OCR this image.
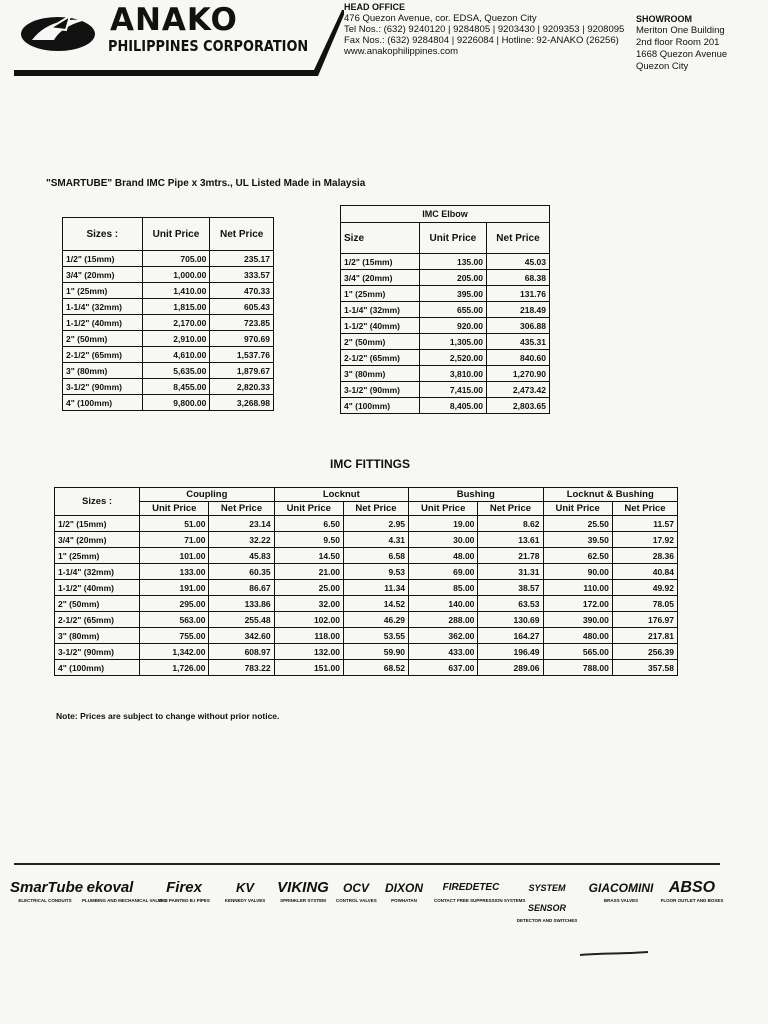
ANAKO
PHILIPPINES CORPORATION
HEAD OFFICE
476 Quezon Avenue, cor. EDSA, Quezon City
Tel Nos.: (632) 9240120 | 9284805 | 9203430 | 9209353 | 9208095
Fax Nos.: (632) 9284804 | 9226084 | Hotline: 92-ANAKO (26256)
www.anakophilippines.com
SHOWROOM
Meriton One Building
2nd floor Room 201
1668 Quezon Avenue
Quezon City
"SMARTUBE" Brand IMC Pipe x 3mtrs., UL Listed Made in Malaysia
Sizes :	Unit Price	Net Price
1/2" (15mm)	705.00	235.17
3/4" (20mm)	1,000.00	333.57
1" (25mm)	1,410.00	470.33
1-1/4" (32mm)	1,815.00	605.43
1-1/2" (40mm)	2,170.00	723.85
2" (50mm)	2,910.00	970.69
2-1/2" (65mm)	4,610.00	1,537.76
3" (80mm)	5,635.00	1,879.67
3-1/2" (90mm)	8,455.00	2,820.33
4" (100mm)	9,800.00	3,268.98
IMC Elbow		
Size	Unit Price	Net Price
1/2" (15mm)	135.00	45.03
3/4" (20mm)	205.00	68.38
1" (25mm)	395.00	131.76
1-1/4" (32mm)	655.00	218.49
1-1/2" (40mm)	920.00	306.88
2" (50mm)	1,305.00	435.31
2-1/2" (65mm)	2,520.00	840.60
3" (80mm)	3,810.00	1,270.90
3-1/2" (90mm)	7,415.00	2,473.42
4" (100mm)	8,405.00	2,803.65
IMC FITTINGS
Sizes :	Coupling		Locknut		Bushing		Locknut & Bushing	
	Unit Price	Net Price	Unit Price	Net Price	Unit Price	Net Price	Unit Price	Net Price
1/2" (15mm)	51.00	23.14	6.50	2.95	19.00	8.62	25.50	11.57
3/4" (20mm)	71.00	32.22	9.50	4.31	30.00	13.61	39.50	17.92
1" (25mm)	101.00	45.83	14.50	6.58	48.00	21.78	62.50	28.36
1-1/4" (32mm)	133.00	60.35	21.00	9.53	69.00	31.31	90.00	40.84
1-1/2" (40mm)	191.00	86.67	25.00	11.34	85.00	38.57	110.00	49.92
2" (50mm)	295.00	133.86	32.00	14.52	140.00	63.53	172.00	78.05
2-1/2" (65mm)	563.00	255.48	102.00	46.29	288.00	130.69	390.00	176.97
3" (80mm)	755.00	342.60	118.00	53.55	362.00	164.27	480.00	217.81
3-1/2" (90mm)	1,342.00	608.97	132.00	59.90	433.00	196.49	565.00	256.39
4" (100mm)	1,726.00	783.22	151.00	68.52	637.00	289.06	788.00	357.58
Note: Prices are subject to change without prior notice.
SmarTube
ELECTRICAL CONDUITS
ekoval
PLUMBING AND MECHANICAL VALVES
Firex
RED PAINTED B.I PIPES
KV
KENNEDY VALVES
VIKING
SPRINKLER SYSTEM
OCV
CONTROL VALVES
DIXON
POWHATAN
FIREDETEC
CONTACT FREE SUPPRESSION SYSTEMS
SYSTEM SENSOR
DETECTOR AND SWITCHES
GIACOMINI
BRASS VALVES
ABSO
FLOOR OUTLET AND BOXES
